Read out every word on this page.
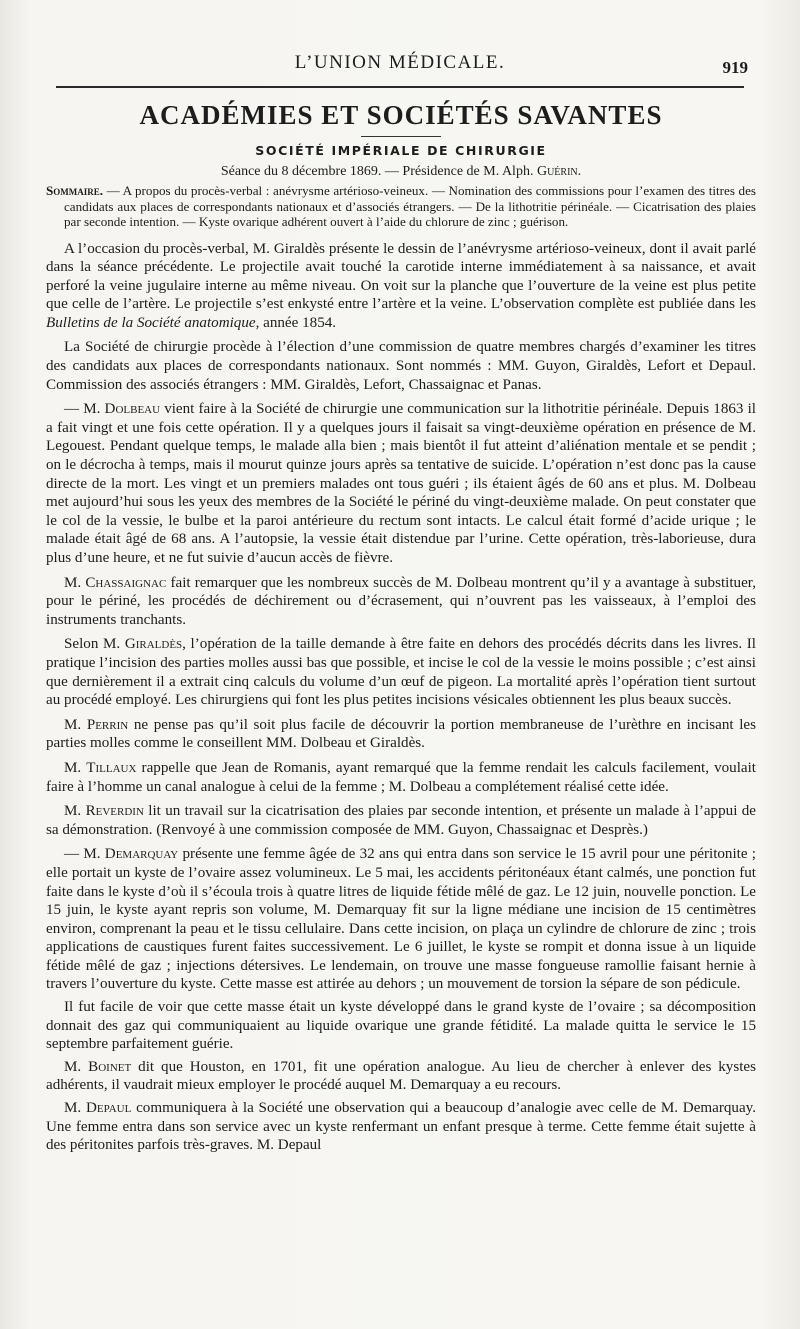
L’UNION MÉDICALE.	919
ACADÉMIES ET SOCIÉTÉS SAVANTES

SOCIÉTÉ IMPÉRIALE DE CHIRURGIE

Séance du 8 décembre 1869. — Présidence de M. Alph. Guérin.

Sommaire. — A propos du procès-verbal : anévrysme artérioso-veineux. — Nomination des commissions pour l’examen des titres des candidats aux places de correspondants nationaux et d’associés étrangers. — De la lithotritie périnéale. — Cicatrisation des plaies par seconde intention. — Kyste ovarique adhérent ouvert à l’aide du chlorure de zinc ; guérison.

A l’occasion du procès-verbal, M. Giraldès présente le dessin de l’anévrysme artérioso-veineux, dont il avait parlé dans la séance précédente. Le projectile avait touché la carotide interne immédiatement à sa naissance, et avait perforé la veine jugulaire interne au même niveau. On voit sur la planche que l’ouverture de la veine est plus petite que celle de l’artère. Le projectile s’est enkysté entre l’artère et la veine. L’observation complète est publiée dans les Bulletins de la Société anatomique, année 1854.

La Société de chirurgie procède à l’élection d’une commission de quatre membres chargés d’examiner les titres des candidats aux places de correspondants nationaux. Sont nommés : MM. Guyon, Giraldès, Lefort et Depaul. Commission des associés étrangers : MM. Giraldès, Lefort, Chassaignac et Panas.

— M. Dolbeau vient faire à la Société de chirurgie une communication sur la lithotritie périnéale. Depuis 1863 il a fait vingt et une fois cette opération. Il y a quelques jours il faisait sa vingt-deuxième opération en présence de M. Legouest. Pendant quelque temps, le malade alla bien ; mais bientôt il fut atteint d’aliénation mentale et se pendit ; on le décrocha à temps, mais il mourut quinze jours après sa tentative de suicide. L’opération n’est donc pas la cause directe de la mort. Les vingt et un premiers malades ont tous guéri ; ils étaient âgés de 60 ans et plus. M. Dolbeau met aujourd’hui sous les yeux des membres de la Société le périné du vingt-deuxième malade. On peut constater que le col de la vessie, le bulbe et la paroi antérieure du rectum sont intacts. Le calcul était formé d’acide urique ; le malade était âgé de 68 ans. A l’autopsie, la vessie était distendue par l’urine. Cette opération, très-laborieuse, dura plus d’une heure, et ne fut suivie d’aucun accès de fièvre.

M. Chassaignac fait remarquer que les nombreux succès de M. Dolbeau montrent qu’il y a avantage à substituer, pour le périné, les procédés de déchirement ou d’écrasement, qui n’ouvrent pas les vaisseaux, à l’emploi des instruments tranchants.

Selon M. Giraldès, l’opération de la taille demande à être faite en dehors des procédés décrits dans les livres. Il pratique l’incision des parties molles aussi bas que possible, et incise le col de la vessie le moins possible ; c’est ainsi que dernièrement il a extrait cinq calculs du volume d’un œuf de pigeon. La mortalité après l’opération tient surtout au procédé employé. Les chirurgiens qui font les plus petites incisions vésicales obtiennent les plus beaux succès.

M. Perrin ne pense pas qu’il soit plus facile de découvrir la portion membraneuse de l’urèthre en incisant les parties molles comme le conseillent MM. Dolbeau et Giraldès.

M. Tillaux rappelle que Jean de Romanis, ayant remarqué que la femme rendait les calculs facilement, voulait faire à l’homme un canal analogue à celui de la femme ; M. Dolbeau a complétement réalisé cette idée.

M. Reverdin lit un travail sur la cicatrisation des plaies par seconde intention, et présente un malade à l’appui de sa démonstration. (Renvoyé à une commission composée de MM. Guyon, Chassaignac et Desprès.)

— M. Demarquay présente une femme âgée de 32 ans qui entra dans son service le 15 avril pour une péritonite ; elle portait un kyste de l’ovaire assez volumineux. Le 5 mai, les accidents péritonéaux étant calmés, une ponction fut faite dans le kyste d’où il s’écoula trois à quatre litres de liquide fétide mêlé de gaz. Le 12 juin, nouvelle ponction. Le 15 juin, le kyste ayant repris son volume, M. Demarquay fit sur la ligne médiane une incision de 15 centimètres environ, comprenant la peau et le tissu cellulaire. Dans cette incision, on plaça un cylindre de chlorure de zinc ; trois applications de caustiques furent faites successivement. Le 6 juillet, le kyste se rompit et donna issue à un liquide fétide mêlé de gaz ; injections détersives. Le lendemain, on trouve une masse fongueuse ramollie faisant hernie à travers l’ouverture du kyste. Cette masse est attirée au dehors ; un mouvement de torsion la sépare de son pédicule.

Il fut facile de voir que cette masse était un kyste développé dans le grand kyste de l’ovaire ; sa décomposition donnait des gaz qui communiquaient au liquide ovarique une grande fétidité. La malade quitta le service le 15 septembre parfaitement guérie.

M. Boinet dit que Houston, en 1701, fit une opération analogue. Au lieu de chercher à enlever des kystes adhérents, il vaudrait mieux employer le procédé auquel M. Demarquay a eu recours.

M. Depaul communiquera à la Société une observation qui a beaucoup d’analogie avec celle de M. Demarquay. Une femme entra dans son service avec un kyste renfermant un enfant presque à terme. Cette femme était sujette à des péritonites parfois très-graves. M. Depaul
